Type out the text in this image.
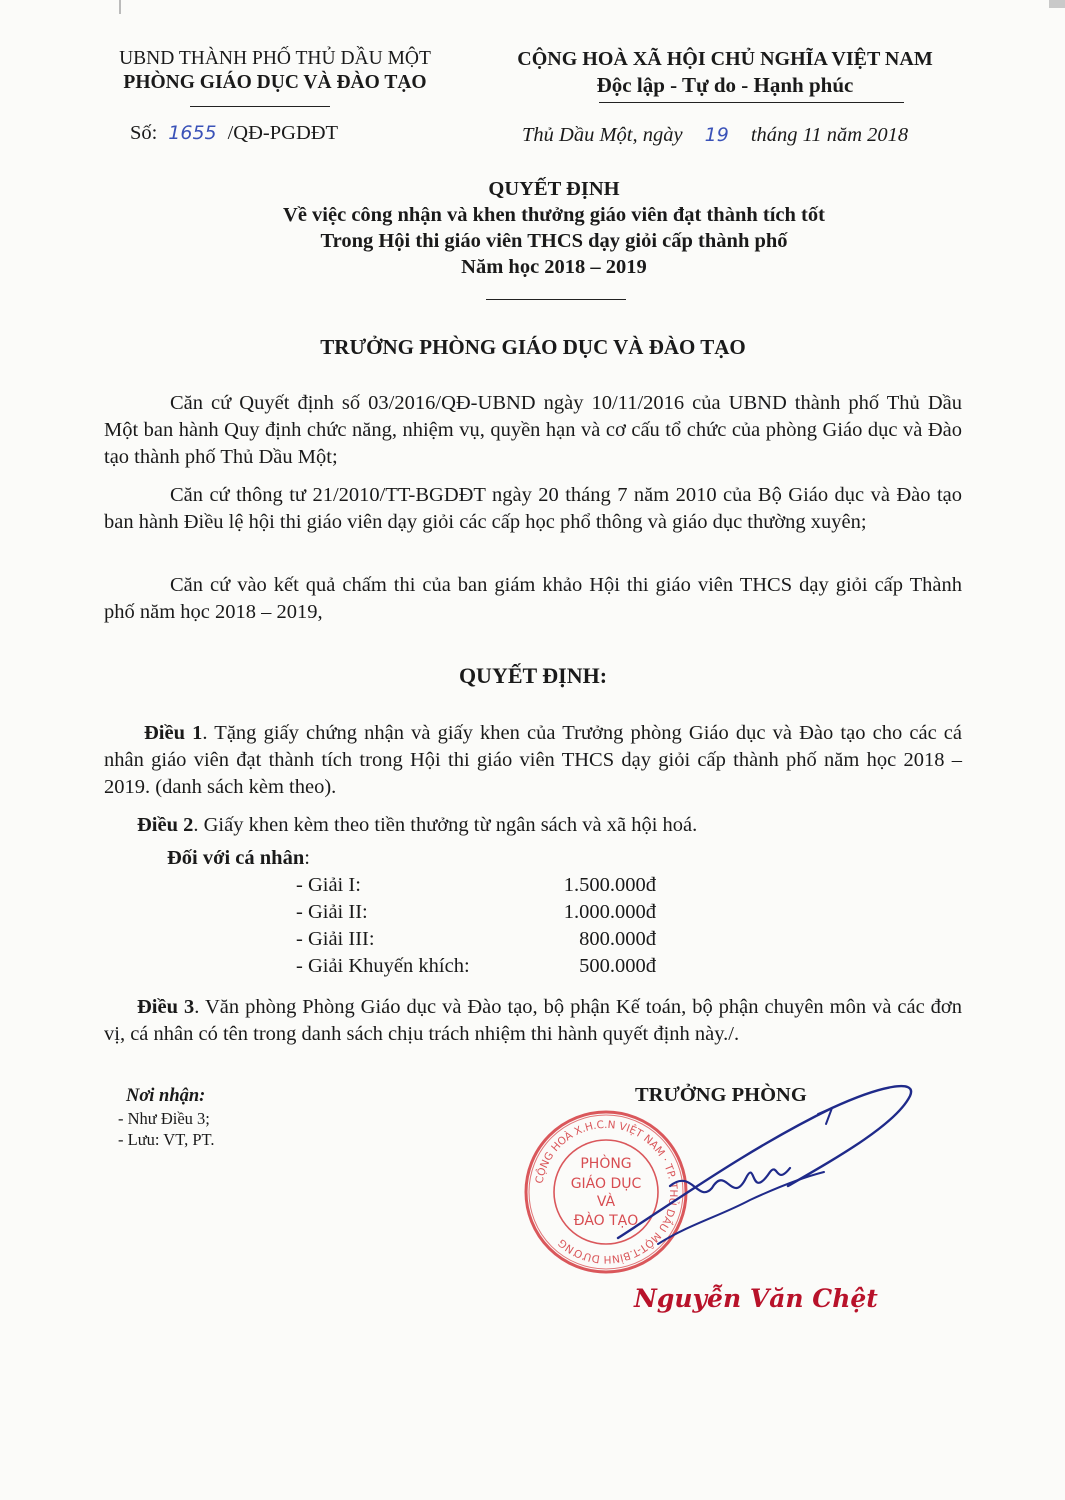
UBND THÀNH PHỐ THỦ DẦU MỘT
PHÒNG GIÁO DỤC VÀ ĐÀO TẠO
CỘNG HOÀ XÃ HỘI CHỦ NGHĨA VIỆT NAM
Độc lập - Tự do - Hạnh phúc
Số: 1655 /QĐ-PGDĐT	Thủ Dầu Một, ngày 19 tháng 11 năm 2018
QUYẾT ĐỊNH
Về việc công nhận và khen thưởng giáo viên đạt thành tích tốt
Trong Hội thi giáo viên THCS dạy giỏi cấp thành phố
Năm học 2018 – 2019
TRƯỞNG PHÒNG GIÁO DỤC VÀ ĐÀO TẠO
Căn cứ Quyết định số 03/2016/QĐ-UBND ngày 10/11/2016 của UBND thành phố Thủ Dầu Một ban hành Quy định chức năng, nhiệm vụ, quyền hạn và cơ cấu tổ chức của phòng Giáo dục và Đào tạo thành phố Thủ Dầu Một;
Căn cứ thông tư 21/2010/TT-BGDĐT ngày 20 tháng 7 năm 2010 của Bộ Giáo dục và Đào tạo ban hành Điều lệ hội thi giáo viên dạy giỏi các cấp học phổ thông và giáo dục thường xuyên;
Căn cứ vào kết quả chấm thi của ban giám khảo Hội thi giáo viên THCS dạy giỏi cấp Thành phố năm học 2018 – 2019,
QUYẾT ĐỊNH:
Điều 1. Tặng giấy chứng nhận và giấy khen của Trưởng phòng Giáo dục và Đào tạo cho các cá nhân giáo viên đạt thành tích trong Hội thi giáo viên THCS dạy giỏi cấp thành phố năm học 2018 – 2019. (danh sách kèm theo).
Điều 2. Giấy khen kèm theo tiền thưởng từ ngân sách và xã hội hoá.
Đối với cá nhân:
- Giải I:	1.500.000đ
- Giải II:	1.000.000đ
- Giải III:	800.000đ
- Giải Khuyến khích:	500.000đ
Điều 3. Văn phòng Phòng Giáo dục và Đào tạo, bộ phận Kế toán, bộ phận chuyên môn và các đơn vị, cá nhân có tên trong danh sách chịu trách nhiệm thi hành quyết định này./.
Nơi nhận:
- Như Điều 3;
- Lưu: VT, PT.
TRƯỞNG PHÒNG
CỘNG HOÀ X.H.C.N VIỆT NAM · TP. THỦ DẦU MỘT-T.BÌNH DƯƠNG
PHÒNG
GIÁO DỤC
VÀ
ĐÀO TẠO
Nguyễn Văn Chệt
